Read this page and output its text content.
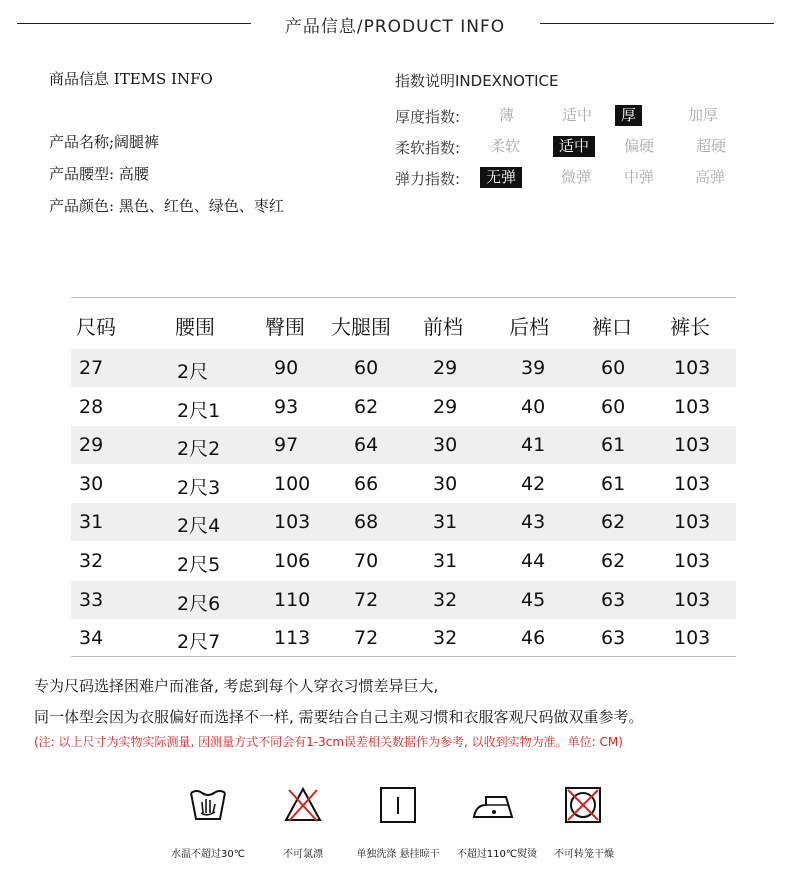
产品信息/PRODUCT INFO
商品信息 ITEMS INFO
产品名称;阔腿裤
产品腰型: 高腰
产品颜色: 黑色、红色、绿色、枣红
指数说明INDEXNOTICE
厚度指数:	薄	适中	厚	加厚
柔软指数:	柔软	适中	偏硬	超硬
弹力指数:	无弹	微弹	中弹	高弹
尺码	腰围	臀围 大腿围 前档 后档 裤口 裤长
27	2尺	90	60	29	39	60	103
28	2尺1	93	62	29	40	60	103
29	2尺2	97	64	30	41	61	103
30	2尺3	100 66	30	42	61	103
31	2尺4	103 68	31	43	62	103
32	2尺5	106 70	31	44	62	103
33	2尺6	110 72	32	45	63	103
34	2尺7	113 72	32	46	63	103
专为尺码选择困难户而准备, 考虑到每个人穿衣习惯差异巨大,
同一体型会因为衣服偏好而选择不一样, 需要结合自己主观习惯和衣服客观尺码做双重参考。
(注: 以上尺寸为实物实际测量, 因测量方式不同会有1-3cm误差相关数据作为参考, 以收到实物为准。单位: CM)
水温不超过30℃	不可氯漂	单独洗涤 悬挂晾干 不超过110℃熨烫 不可转笼干燥
